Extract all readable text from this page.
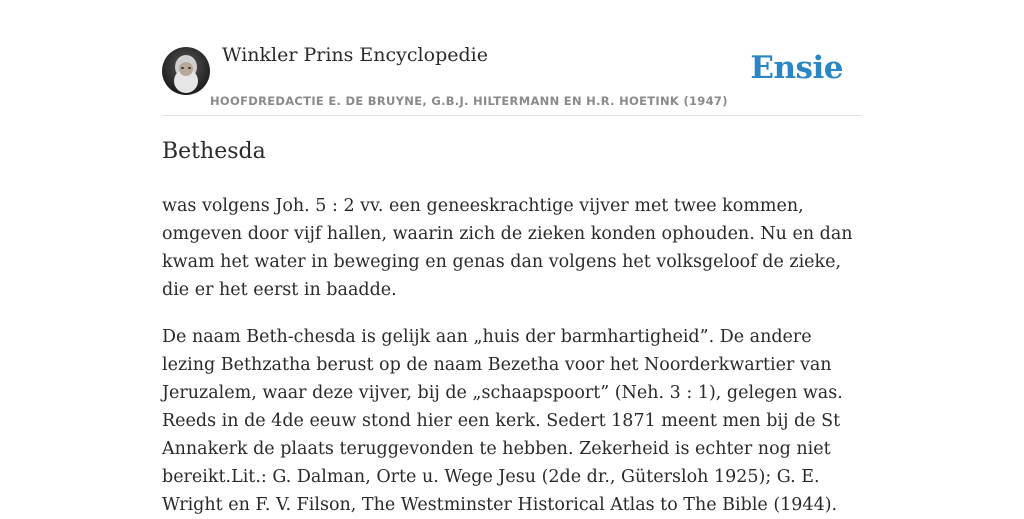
Winkler Prins Encyclopedie
HOOFDREDACTIE E. DE BRUYNE, G.B.J. HILTERMANN EN H.R. HOETINK (1947)
Ensie
Bethesda

was volgens Joh. 5 : 2 vv. een geneeskrachtige vijver met twee kommen, omgeven door vijf hallen, waarin zich de zieken konden ophouden. Nu en dan kwam het water in beweging en genas dan volgens het volksgeloof de zieke, die er het eerst in baadde.

De naam Beth-chesda is gelijk aan „huis der barmhartigheid”. De andere lezing Bethzatha berust op de naam Bezetha voor het Noorderkwartier van Jeruzalem, waar deze vijver, bij de „schaapspoort” (Neh. 3 : 1), gelegen was. Reeds in de 4de eeuw stond hier een kerk. Sedert 1871 meent men bij de St Annakerk de plaats teruggevonden te hebben. Zekerheid is echter nog niet bereikt.Lit.: G. Dalman, Orte u. Wege Jesu (2de dr., Gütersloh 1925); G. E. Wright en F. V. Filson, The Westminster Historical Atlas to The Bible (1944).
